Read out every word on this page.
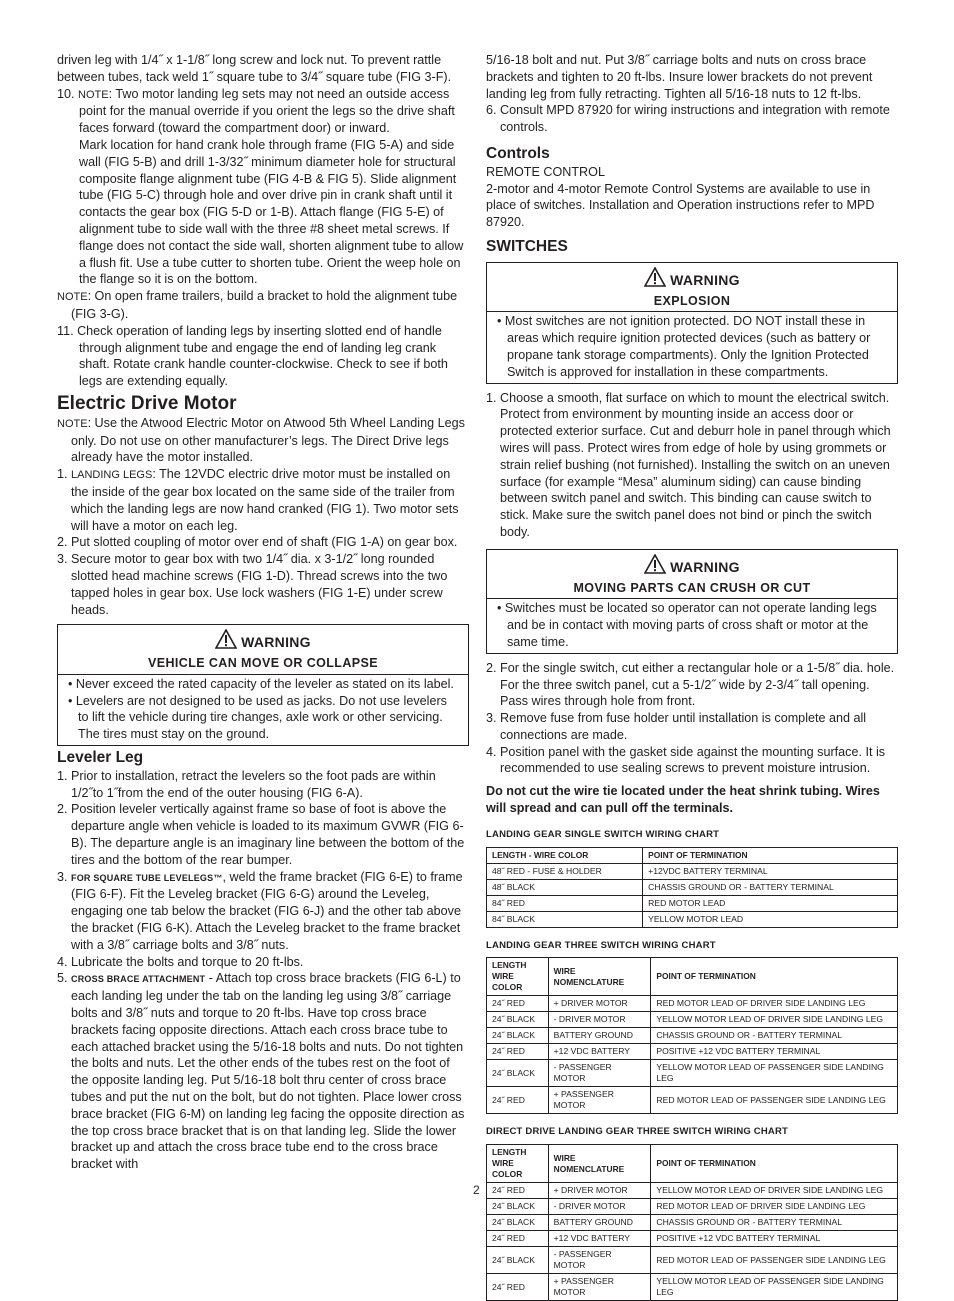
driven leg with 1/4˝ x 1-1/8˝ long screw and lock nut. To prevent rattle between tubes, tack weld 1˝ square tube to 3/4˝ square tube (FIG 3-F).

10. NOTE: Two motor landing leg sets may not need an outside access point for the manual override if you orient the legs so the drive shaft faces forward (toward the compartment door) or inward.

Mark location for hand crank hole through frame (FIG 5-A) and side wall (FIG 5-B) and drill 1-3/32˝ minimum diameter hole for structural composite flange alignment tube (FIG 4-B & FIG 5). Slide alignment tube (FIG 5-C) through hole and over drive pin in crank shaft until it contacts the gear box (FIG 5-D or 1-B). Attach flange (FIG 5-E) of alignment tube to side wall with the three #8 sheet metal screws. If flange does not contact the side wall, shorten alignment tube to allow a flush fit. Use a tube cutter to shorten tube. Orient the weep hole on the flange so it is on the bottom.

NOTE: On open frame trailers, build a bracket to hold the alignment tube (FIG 3-G).

11. Check operation of landing legs by inserting slotted end of handle through alignment tube and engage the end of landing leg crank shaft. Rotate crank handle counter-clockwise. Check to see if both legs are extending equally.

Electric Drive Motor

NOTE: Use the Atwood Electric Motor on Atwood 5th Wheel Landing Legs only. Do not use on other manufacturer’s legs. The Direct Drive legs already have the motor installed.

1. LANDING LEGS: The 12VDC electric drive motor must be installed on the inside of the gear box located on the same side of the trailer from which the landing legs are now hand cranked (FIG 1). Two motor sets will have a motor on each leg.

2. Put slotted coupling of motor over end of shaft (FIG 1-A) on gear box.

3. Secure motor to gear box with two 1/4˝ dia. x 3-1/2˝ long rounded slotted head machine screws (FIG 1-D). Thread screws into the two tapped holes in gear box. Use lock washers (FIG 1-E) under screw heads.

WARNING
VEHICLE CAN MOVE OR COLLAPSE

• Never exceed the rated capacity of the leveler as stated on its label.

• Levelers are not designed to be used as jacks. Do not use levelers to lift the vehicle during tire changes, axle work or other servicing. The tires must stay on the ground.

Leveler Leg

1. Prior to installation, retract the levelers so the foot pads are within 1/2˝to 1˝from the end of the outer housing (FIG 6-A).

2. Position leveler vertically against frame so base of foot is above the departure angle when vehicle is loaded to its maximum GVWR (FIG 6-B). The departure angle is an imaginary line between the bottom of the tires and the bottom of the rear bumper.

3. FOR SQUARE TUBE LEVELEGS™, weld the frame bracket (FIG 6-E) to frame (FIG 6-F). Fit the Leveleg bracket (FIG 6-G) around the Leveleg, engaging one tab below the bracket (FIG 6-J) and the other tab above the bracket (FIG 6-K). Attach the Leveleg bracket to the frame bracket with a 3/8˝ carriage bolts and 3/8˝ nuts.

4. Lubricate the bolts and torque to 20 ft-lbs.

5. CROSS BRACE ATTACHMENT - Attach top cross brace brackets (FIG 6-L) to each landing leg under the tab on the landing leg using 3/8˝ carriage bolts and 3/8˝ nuts and torque to 20 ft-lbs. Have top cross brace brackets facing opposite directions. Attach each cross brace tube to each attached bracket using the 5/16-18 bolts and nuts. Do not tighten the bolts and nuts. Let the other ends of the tubes rest on the foot of the opposite landing leg. Put 5/16-18 bolt thru center of cross brace tubes and put the nut on the bolt, but do not tighten. Place lower cross brace bracket (FIG 6-M) on landing leg facing the opposite direction as the top cross brace bracket that is on that landing leg. Slide the lower bracket up and attach the cross brace tube end to the cross brace bracket with

5/16-18 bolt and nut. Put 3/8˝ carriage bolts and nuts on cross brace brackets and tighten to 20 ft-lbs. Insure lower brackets do not prevent landing leg from fully retracting. Tighten all 5/16-18 nuts to 12 ft-lbs.

6. Consult MPD 87920 for wiring instructions and integration with remote controls.

Controls

REMOTE CONTROL

2-motor and 4-motor Remote Control Systems are available to use in place of switches. Installation and Operation instructions refer to MPD 87920.

SWITCHES
WARNING
EXPLOSION

• Most switches are not ignition protected. DO NOT install these in areas which require ignition protected devices (such as battery or propane tank storage compartments). Only the Ignition Protected Switch is approved for installation in these compartments.

1. Choose a smooth, flat surface on which to mount the electrical switch. Protect from environment by mounting inside an access door or protected exterior surface. Cut and deburr hole in panel through which wires will pass. Protect wires from edge of hole by using grommets or strain relief bushing (not furnished). Installing the switch on an uneven surface (for example “Mesa” aluminum siding) can cause binding between switch panel and switch. This binding can cause switch to stick. Make sure the switch panel does not bind or pinch the switch body.

WARNING
MOVING PARTS CAN CRUSH OR CUT

• Switches must be located so operator can not operate landing legs and be in contact with moving parts of cross shaft or motor at the same time.

2. For the single switch, cut either a rectangular hole or a 1-5/8˝ dia. hole. For the three switch panel, cut a 5-1/2˝ wide by 2-3/4˝ tall opening. Pass wires through hole from front.

3. Remove fuse from fuse holder until installation is complete and all connections are made.

4. Position panel with the gasket side against the mounting surface. It is recommended to use sealing screws to prevent moisture intrusion.

Do not cut the wire tie located under the heat shrink tubing. Wires will spread and can pull off the terminals.

LANDING GEAR SINGLE SWITCH WIRING CHART
LENGTH - WIRE COLOR	POINT OF TERMINATION
48˝ RED - FUSE & HOLDER	+12VDC BATTERY TERMINAL
48˝ BLACK	CHASSIS GROUND OR - BATTERY TERMINAL
84˝ RED	RED MOTOR LEAD
84˝ BLACK	YELLOW MOTOR LEAD
LANDING GEAR THREE SWITCH WIRING CHART
LENGTH
WIRE COLOR	WIRE NOMENCLATURE	POINT OF TERMINATION
24˝ RED	+ DRIVER MOTOR	RED MOTOR LEAD OF DRIVER SIDE LANDING LEG
24˝ BLACK	- DRIVER MOTOR	YELLOW MOTOR LEAD OF DRIVER SIDE LANDING LEG
24˝ BLACK	BATTERY GROUND	CHASSIS GROUND OR - BATTERY TERMINAL
24˝ RED	+12 VDC BATTERY	POSITIVE +12 VDC BATTERY TERMINAL
24˝ BLACK	- PASSENGER MOTOR	YELLOW MOTOR LEAD OF PASSENGER SIDE LANDING LEG
24˝ RED	+ PASSENGER MOTOR	RED MOTOR LEAD OF PASSENGER SIDE LANDING LEG
DIRECT DRIVE LANDING GEAR THREE SWITCH WIRING CHART
LENGTH
WIRE COLOR	WIRE NOMENCLATURE	POINT OF TERMINATION
24˝ RED	+ DRIVER MOTOR	YELLOW MOTOR LEAD OF DRIVER SIDE LANDING LEG
24˝ BLACK	- DRIVER MOTOR	RED MOTOR LEAD OF DRIVER SIDE LANDING LEG
24˝ BLACK	BATTERY GROUND	CHASSIS GROUND OR - BATTERY TERMINAL
24˝ RED	+12 VDC BATTERY	POSITIVE +12 VDC BATTERY TERMINAL
24˝ BLACK	- PASSENGER MOTOR	RED MOTOR LEAD OF PASSENGER SIDE LANDING LEG
24˝ RED	+ PASSENGER MOTOR	YELLOW MOTOR LEAD OF PASSENGER SIDE LANDING LEG
2
